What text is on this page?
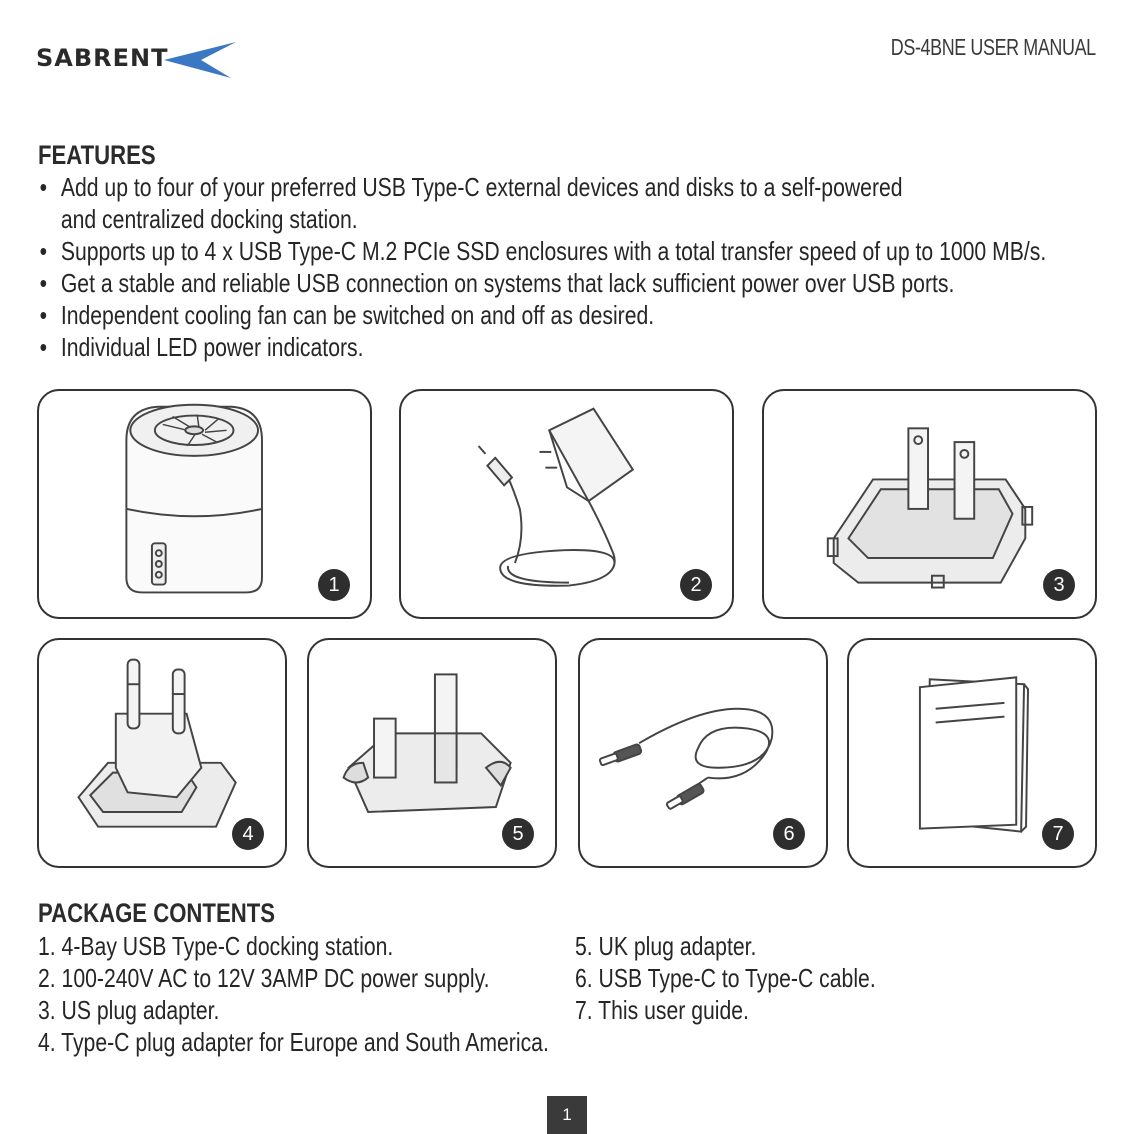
SABRENT	DS-4BNE USER MANUAL
FEATURES
• Add up to four of your preferred USB Type-C external devices and disks to a self-powered
and centralized docking station.
• Supports up to 4 x USB Type-C M.2 PCIe SSD enclosures with a total transfer speed of up to 1000 MB/s.
• Get a stable and reliable USB connection on systems that lack sufficient power over USB ports.
• Independent cooling fan can be switched on and off as desired.
• Individual LED power indicators.
1	2	3
4	5	6	7
PACKAGE CONTENTS
1. 4-Bay USB Type-C docking station.
2. 100-240V AC to 12V 3AMP DC power supply.
3. US plug adapter.
4. Type-C plug adapter for Europe and South America.
5. UK plug adapter.
6. USB Type-C to Type-C cable.
7. This user guide.
1
